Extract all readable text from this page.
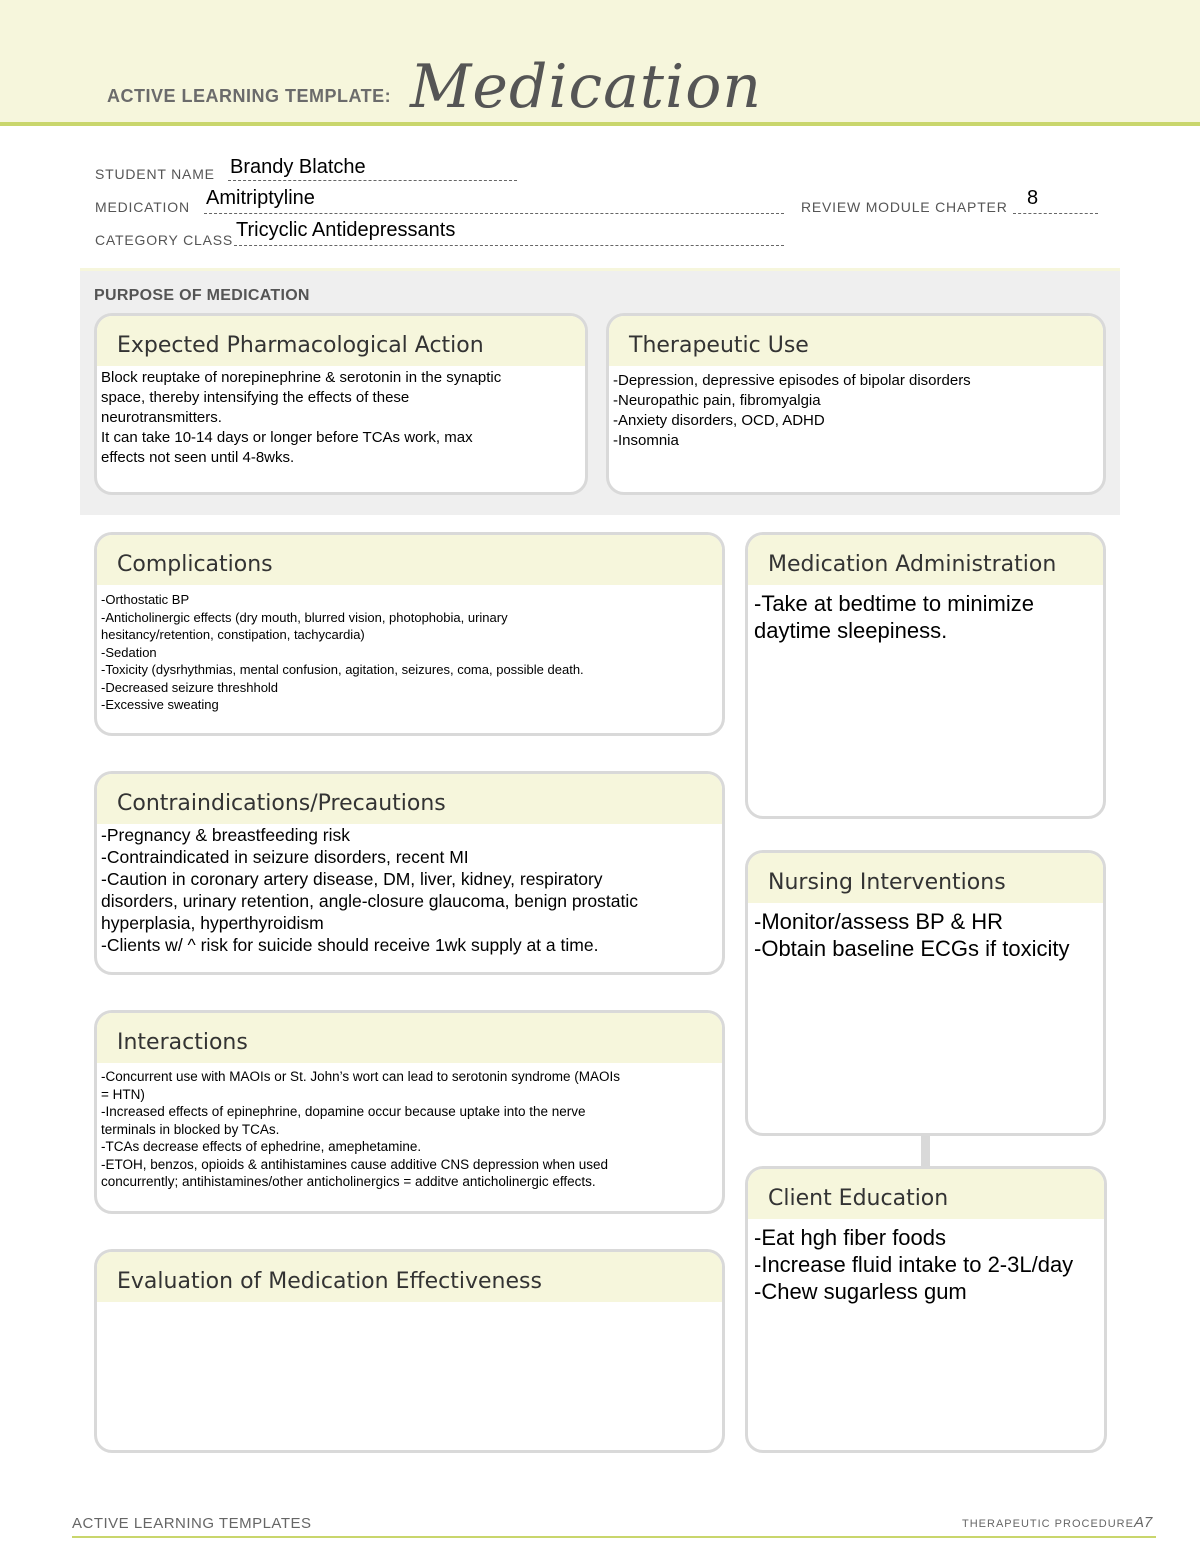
ACTIVE LEARNING TEMPLATE: Medication
STUDENT NAME Brandy Blatche
MEDICATION Amitriptyline	REVIEW MODULE CHAPTER 8
CATEGORY CLASS Tricyclic Antidepressants
PURPOSE OF MEDICATION
Expected Pharmacological Action
Block reuptake of norepinephrine & serotonin in the synaptic
space, thereby intensifying the effects of these
neurotransmitters.
It can take 10-14 days or longer before TCAs work, max
effects not seen until 4-8wks.
Therapeutic Use
-Depression, depressive episodes of bipolar disorders
-Neuropathic pain, fibromyalgia
-Anxiety disorders, OCD, ADHD
-Insomnia
Complications
-Orthostatic BP
-Anticholinergic effects (dry mouth, blurred vision, photophobia, urinary
hesitancy/retention, constipation, tachycardia)
-Sedation
-Toxicity (dysrhythmias, mental confusion, agitation, seizures, coma, possible death.
-Decreased seizure threshhold
-Excessive sweating
Contraindications/Precautions
-Pregnancy & breastfeeding risk
-Contraindicated in seizure disorders, recent MI
-Caution in coronary artery disease, DM, liver, kidney, respiratory
disorders, urinary retention, angle-closure glaucoma, benign prostatic
hyperplasia, hyperthyroidism
-Clients w/ ^ risk for suicide should receive 1wk supply at a time.
Interactions
-Concurrent use with MAOIs or St. John’s wort can lead to serotonin syndrome (MAOIs
= HTN)
-Increased effects of epinephrine, dopamine occur because uptake into the nerve
terminals in blocked by TCAs.
-TCAs decrease effects of ephedrine, amephetamine.
-ETOH, benzos, opioids & antihistamines cause additive CNS depression when used
concurrently; antihistamines/other anticholinergics = additve anticholinergic effects.
Evaluation of Medication Effectiveness
Medication Administration
-Take at bedtime to minimize
daytime sleepiness.
Nursing Interventions
-Monitor/assess BP & HR
-Obtain baseline ECGs if toxicity
Client Education
-Eat hgh fiber foods
-Increase fluid intake to 2-3L/day
-Chew sugarless gum
ACTIVE LEARNING TEMPLATES	THERAPEUTIC PROCEDURE A7
